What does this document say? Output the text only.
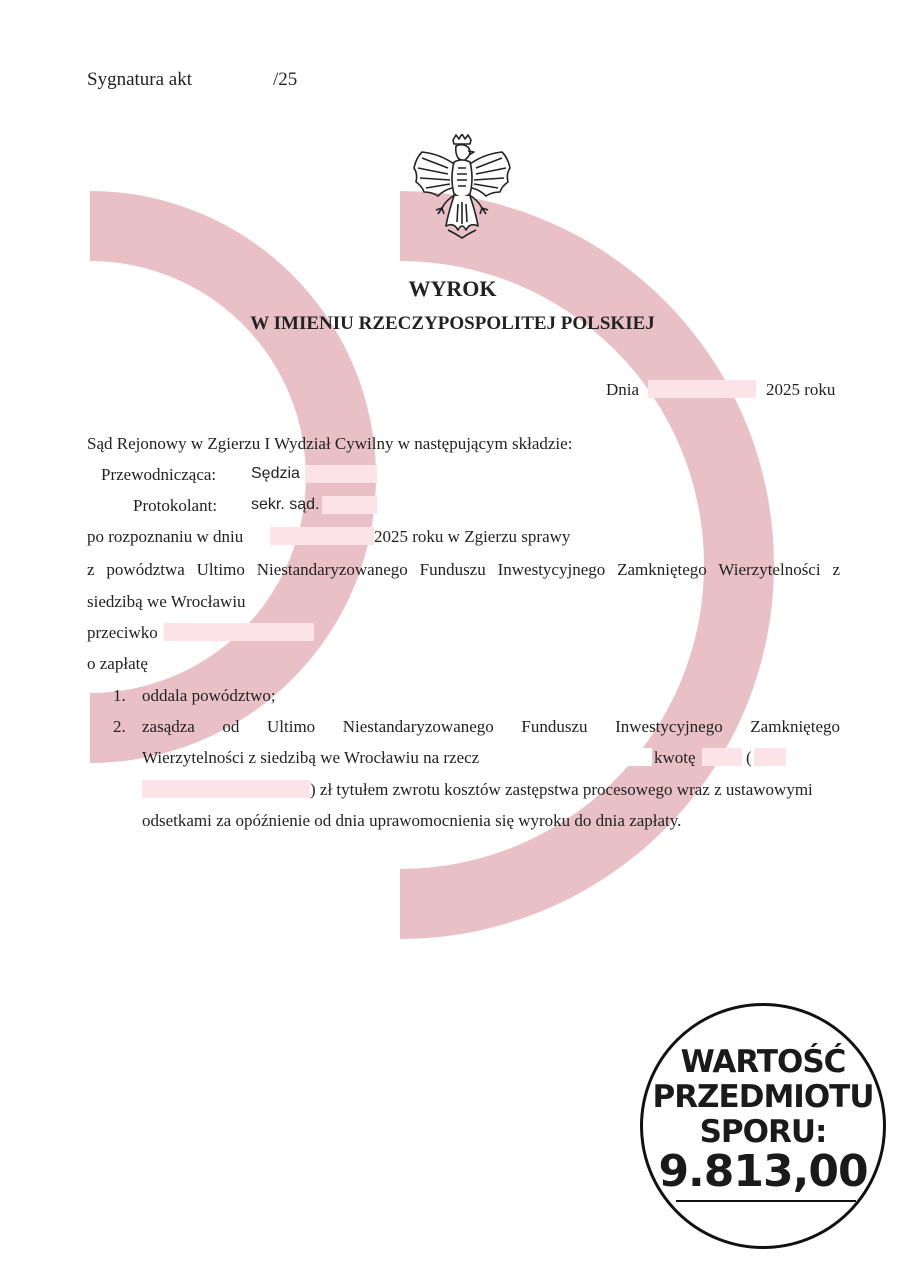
Sygnatura akt	/25
WYROK
W IMIENIU RZECZYPOSPOLITEJ POLSKIEJ
Dnia	2025 roku
Sąd Rejonowy w Zgierzu I Wydział Cywilny w następującym składzie:
Przewodnicząca: Sędzia
Protokolant: sekr. sąd.
po rozpoznaniu w dniu	2025 roku w Zgierzu sprawy
z powództwa Ultimo Niestandaryzowanego Funduszu Inwestycyjnego Zamkniętego Wierzytelności z
siedzibą we Wrocławiu
przeciwko
o zapłatę
1. oddala powództwo;
2. zasądza od Ultimo Niestandaryzowanego Funduszu Inwestycyjnego Zamkniętego
Wierzytelności z siedzibą we Wrocławiu na rzecz	kwotę	(
) zł tytułem zwrotu kosztów zastępstwa procesowego wraz z ustawowymi
odsetkami za opóźnienie od dnia uprawomocnienia się wyroku do dnia zapłaty.
WARTOŚĆ
PRZEDMIOTU
SPORU:
9.813,00
